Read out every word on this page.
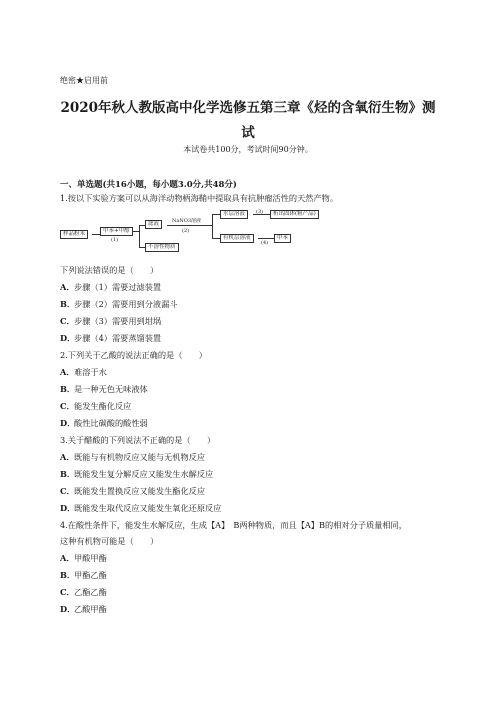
绝密★启用前
2020年秋人教版高中化学选修五第三章《烃的含氧衍生物》测
试
本试卷共100分，考试时间90分钟。
一、单选题(共16小题，每小题3.0分,共48分)
1.按以下实验方案可以从海洋动物柄海鞘中提取具有抗肿瘤活性的天然产物。
样品粉末	甲苯+甲醇
(1)
滤液
不溶性物质
NaNO3溶液
(2)
水层溶液
有机层溶液
(3)	析出固体(粗产品)
(4)
甲苯
下列说法错误的是（　　）
A．步骤（1）需要过滤装置
B．步骤（2）需要用到分液漏斗
C．步骤（3）需要用到坩埚
D．步骤（4）需要蒸馏装置
2.下列关于乙酸的说法正确的是（　　）
A．难溶于水
B．是一种无色无味液体
C．能发生酯化反应
D．酸性比碳酸的酸性弱
3.关于醋酸的下列说法不正确的是（　　）
A．既能与有机物反应又能与无机物反应
B．既能发生复分解反应又能发生水解反应
C．既能发生置换反应又能发生酯化反应
D．既能发生取代反应又能发生氧化还原反应
4.在酸性条件下，能发生水解反应，生成【A】　B两种物质，而且【A】B的相对分子质量相同，
这种有机物可能是（　　）
A．甲酸甲酯
B．甲酯乙酯
C．乙酯乙酯
D．乙酸甲酯
